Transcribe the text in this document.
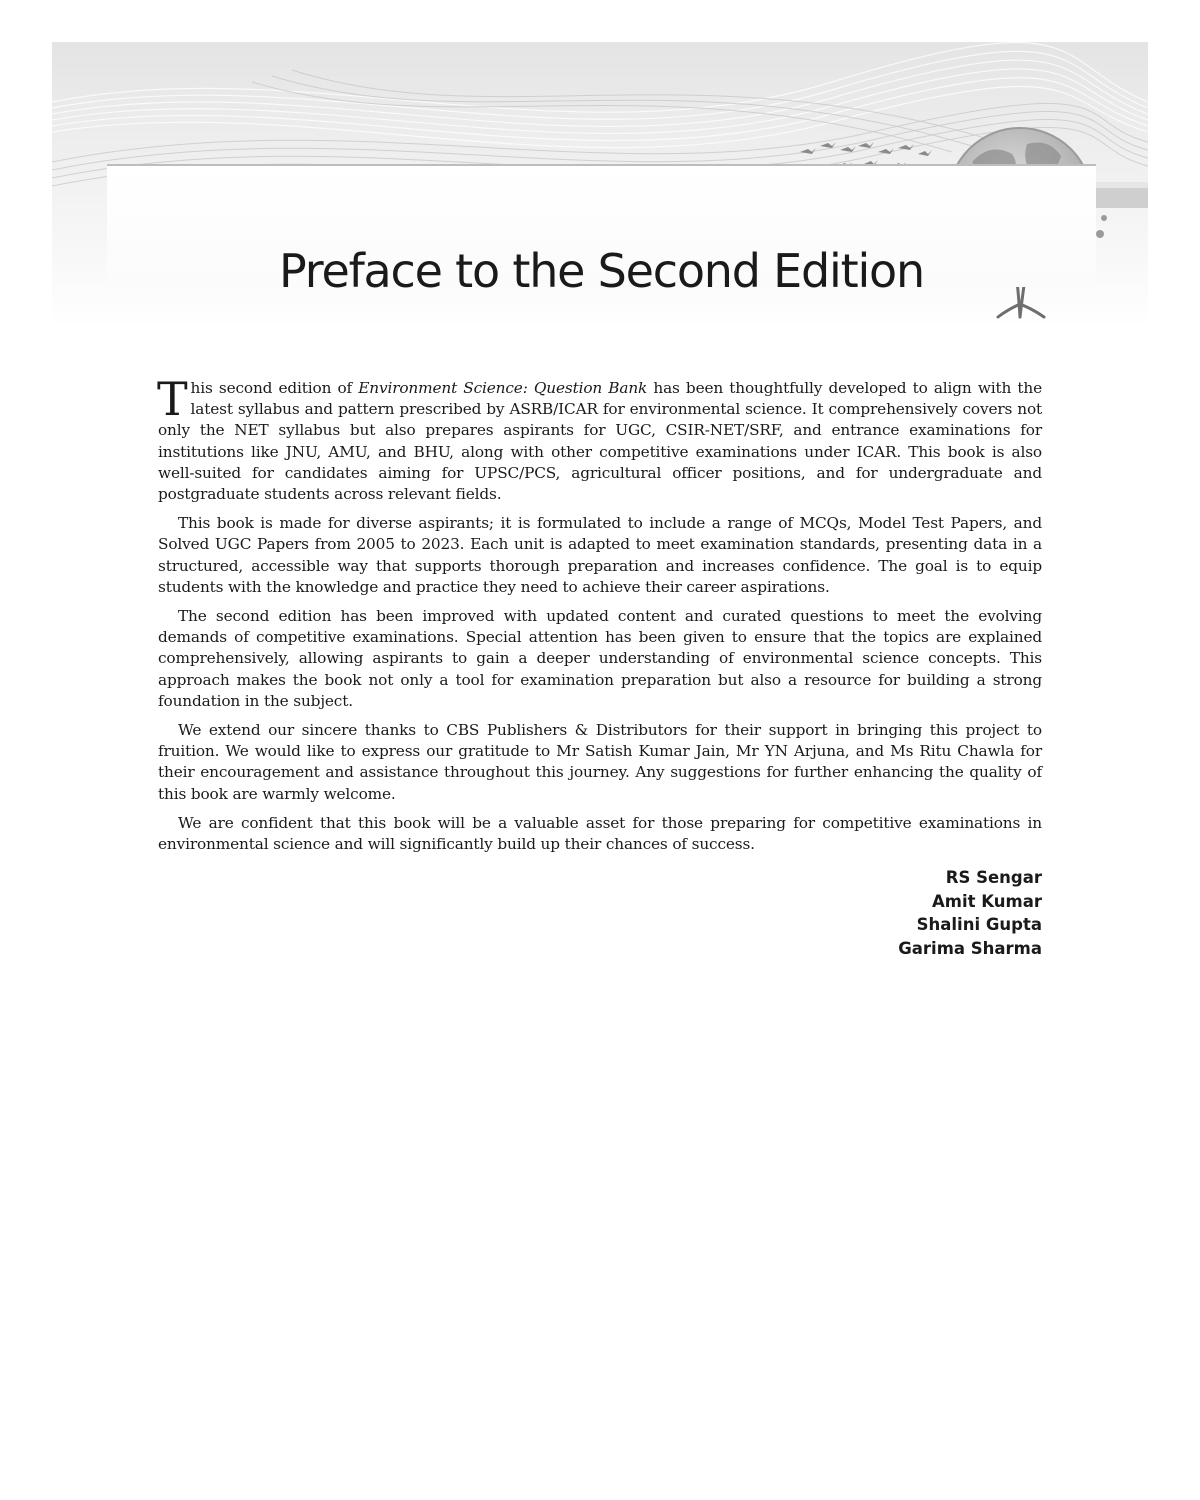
Preface to the Second Edition

This second edition of Environment Science: Question Bank has been thoughtfully developed to align with the latest syllabus and pattern prescribed by ASRB/ICAR for environmental science. It comprehensively covers not only the NET syllabus but also prepares aspirants for UGC, CSIR-NET/SRF, and entrance examinations for institutions like JNU, AMU, and BHU, along with other competitive examinations under ICAR. This book is also well-suited for candidates aiming for UPSC/PCS, agricultural officer positions, and for undergraduate and postgraduate students across relevant fields.

This book is made for diverse aspirants; it is formulated to include a range of MCQs, Model Test Papers, and Solved UGC Papers from 2005 to 2023. Each unit is adapted to meet examination standards, presenting data in a structured, accessible way that supports thorough preparation and increases confidence. The goal is to equip students with the knowledge and practice they need to achieve their career aspirations.

The second edition has been improved with updated content and curated questions to meet the evolving demands of competitive examinations. Special attention has been given to ensure that the topics are explained comprehensively, allowing aspirants to gain a deeper understanding of environmental science concepts. This approach makes the book not only a tool for examination preparation but also a resource for building a strong foundation in the subject.

We extend our sincere thanks to CBS Publishers & Distributors for their support in bringing this project to fruition. We would like to express our gratitude to Mr Satish Kumar Jain, Mr YN Arjuna, and Ms Ritu Chawla for their encouragement and assistance throughout this journey. Any suggestions for further enhancing the quality of this book are warmly welcome.

We are confident that this book will be a valuable asset for those preparing for competitive examinations in environmental science and will significantly build up their chances of success.

RS Sengar
Amit Kumar
Shalini Gupta
Garima Sharma
